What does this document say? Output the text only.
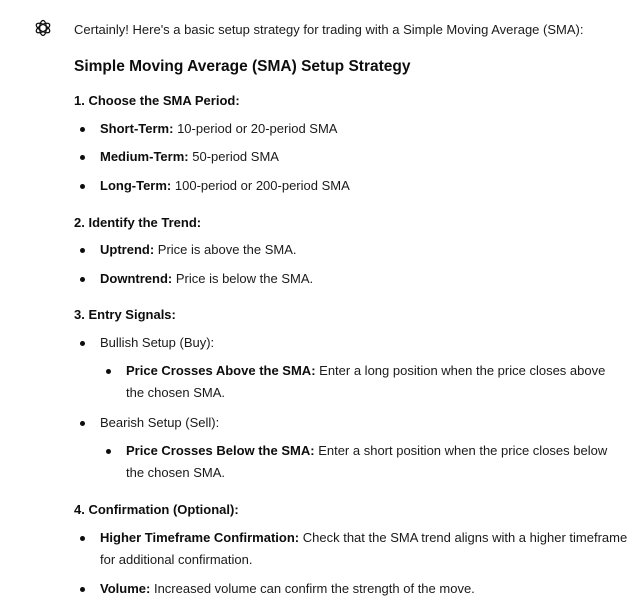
Certainly! Here's a basic setup strategy for trading with a Simple Moving Average (SMA):
Simple Moving Average (SMA) Setup Strategy
1. Choose the SMA Period:
Short-Term: 10-period or 20-period SMA
Medium-Term: 50-period SMA
Long-Term: 100-period or 200-period SMA
2. Identify the Trend:
Uptrend: Price is above the SMA.
Downtrend: Price is below the SMA.
3. Entry Signals:
Bullish Setup (Buy):
Price Crosses Above the SMA: Enter a long position when the price closes above the chosen SMA.
Bearish Setup (Sell):
Price Crosses Below the SMA: Enter a short position when the price closes below the chosen SMA.
4. Confirmation (Optional):
Higher Timeframe Confirmation: Check that the SMA trend aligns with a higher timeframe for additional confirmation.
Volume: Increased volume can confirm the strength of the move.
